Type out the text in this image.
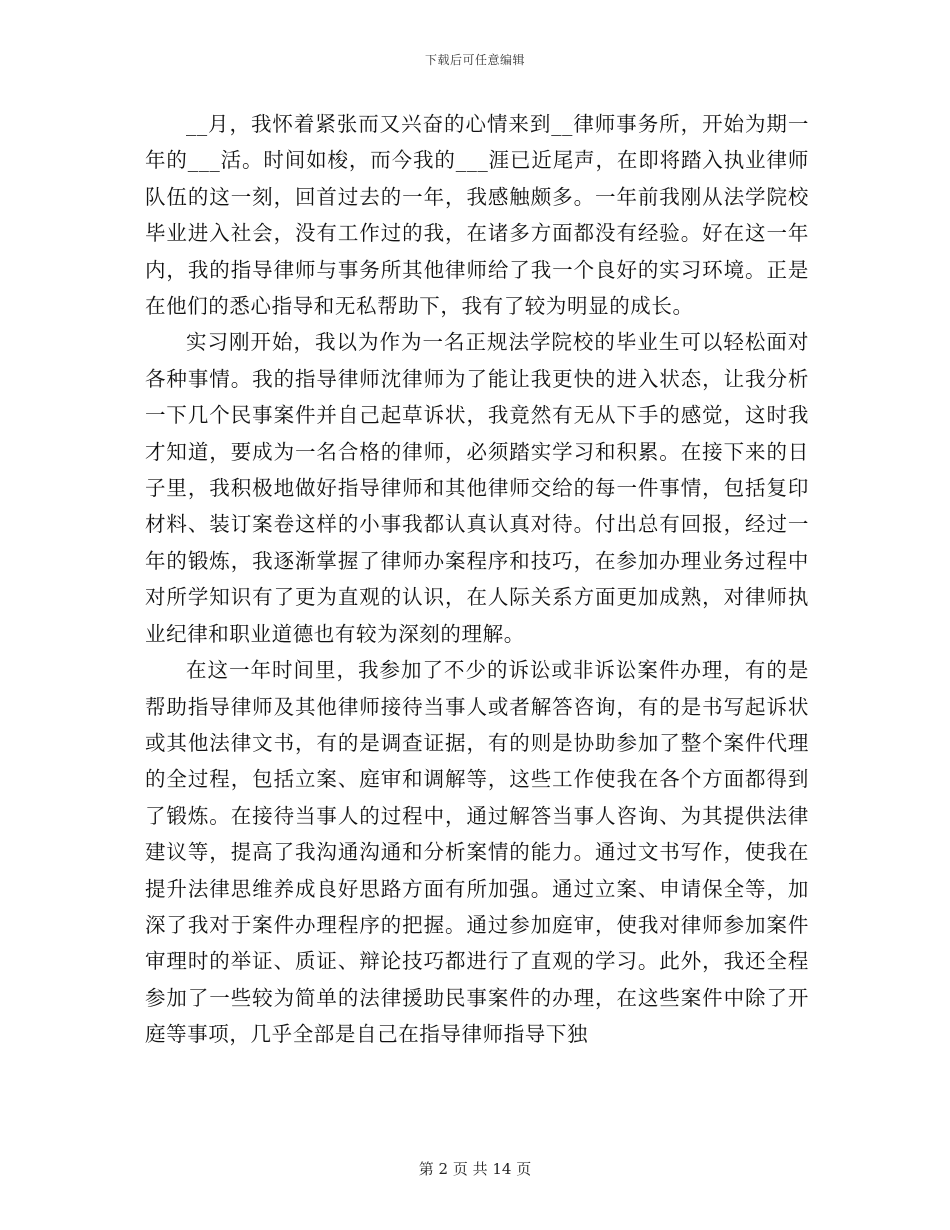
下载后可任意编辑

__月，我怀着紧张而又兴奋的心情来到__律师事务所，开始为期一年的___活。时间如梭，而今我的___涯已近尾声，在即将踏入执业律师队伍的这一刻，回首过去的一年，我感触颇多。一年前我刚从法学院校毕业进入社会，没有工作过的我，在诸多方面都没有经验。好在这一年内，我的指导律师与事务所其他律师给了我一个良好的实习环境。正是在他们的悉心指导和无私帮助下，我有了较为明显的成长。

实习刚开始，我以为作为一名正规法学院校的毕业生可以轻松面对各种事情。我的指导律师沈律师为了能让我更快的进入状态，让我分析一下几个民事案件并自己起草诉状，我竟然有无从下手的感觉，这时我才知道，要成为一名合格的律师，必须踏实学习和积累。在接下来的日子里，我积极地做好指导律师和其他律师交给的每一件事情，包括复印材料、装订案卷这样的小事我都认真认真对待。付出总有回报，经过一年的锻炼，我逐渐掌握了律师办案程序和技巧，在参加办理业务过程中对所学知识有了更为直观的认识，在人际关系方面更加成熟，对律师执业纪律和职业道德也有较为深刻的理解。

在这一年时间里，我参加了不少的诉讼或非诉讼案件办理，有的是帮助指导律师及其他律师接待当事人或者解答咨询，有的是书写起诉状或其他法律文书，有的是调查证据，有的则是协助参加了整个案件代理的全过程，包括立案、庭审和调解等，这些工作使我在各个方面都得到了锻炼。在接待当事人的过程中，通过解答当事人咨询、为其提供法律建议等，提高了我沟通沟通和分析案情的能力。通过文书写作，使我在提升法律思维养成良好思路方面有所加强。通过立案、申请保全等，加深了我对于案件办理程序的把握。通过参加庭审，使我对律师参加案件审理时的举证、质证、辩论技巧都进行了直观的学习。此外，我还全程参加了一些较为简单的法律援助民事案件的办理，在这些案件中除了开庭等事项，几乎全部是自己在指导律师指导下独

第 2 页 共 14 页
